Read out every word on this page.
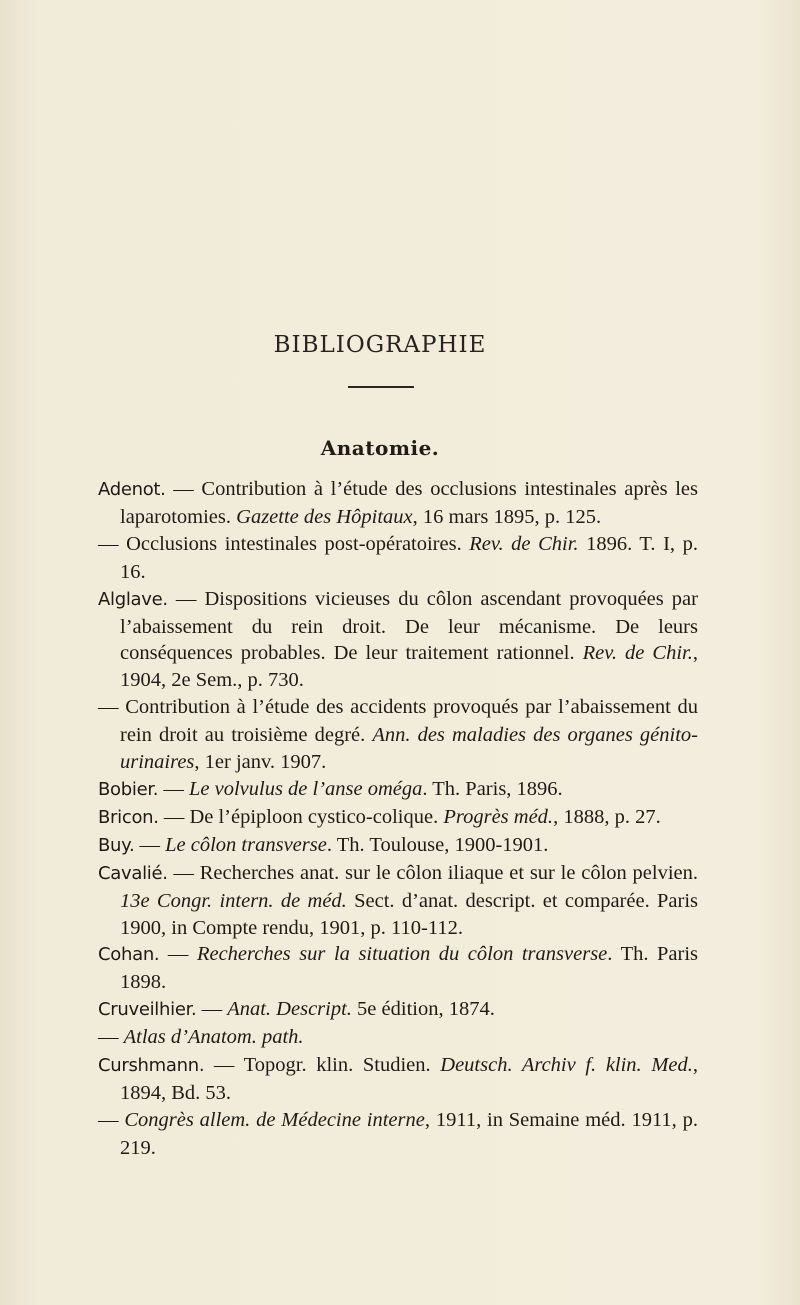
BIBLIOGRAPHIE
Anatomie.

Adenot. — Contribution à l’étude des occlusions intestinales après les laparotomies. Gazette des Hôpitaux, 16 mars 1895, p. 125.

— Occlusions intestinales post-opératoires. Rev. de Chir. 1896. T. I, p. 16.

Alglave. — Dispositions vicieuses du côlon ascendant provoquées par l’abaissement du rein droit. De leur mécanisme. De leurs conséquences probables. De leur traitement rationnel. Rev. de Chir., 1904, 2e Sem., p. 730.

— Contribution à l’étude des accidents provoqués par l’abaissement du rein droit au troisième degré. Ann. des maladies des organes génito-urinaires, 1er janv. 1907.

Bobier. — Le volvulus de l’anse oméga. Th. Paris, 1896.

Bricon. — De l’épiploon cystico-colique. Progrès méd., 1888, p. 27.

Buy. — Le côlon transverse. Th. Toulouse, 1900-1901.

Cavalié. — Recherches anat. sur le côlon iliaque et sur le côlon pelvien. 13e Congr. intern. de méd. Sect. d’anat. descript. et comparée. Paris 1900, in Compte rendu, 1901, p. 110-112.

Cohan. — Recherches sur la situation du côlon transverse. Th. Paris 1898.

Cruveilhier. — Anat. Descript. 5e édition, 1874.

— Atlas d’Anatom. path.

Curshmann. — Topogr. klin. Studien. Deutsch. Archiv f. klin. Med., 1894, Bd. 53.

— Congrès allem. de Médecine interne, 1911, in Semaine méd. 1911, p. 219.
